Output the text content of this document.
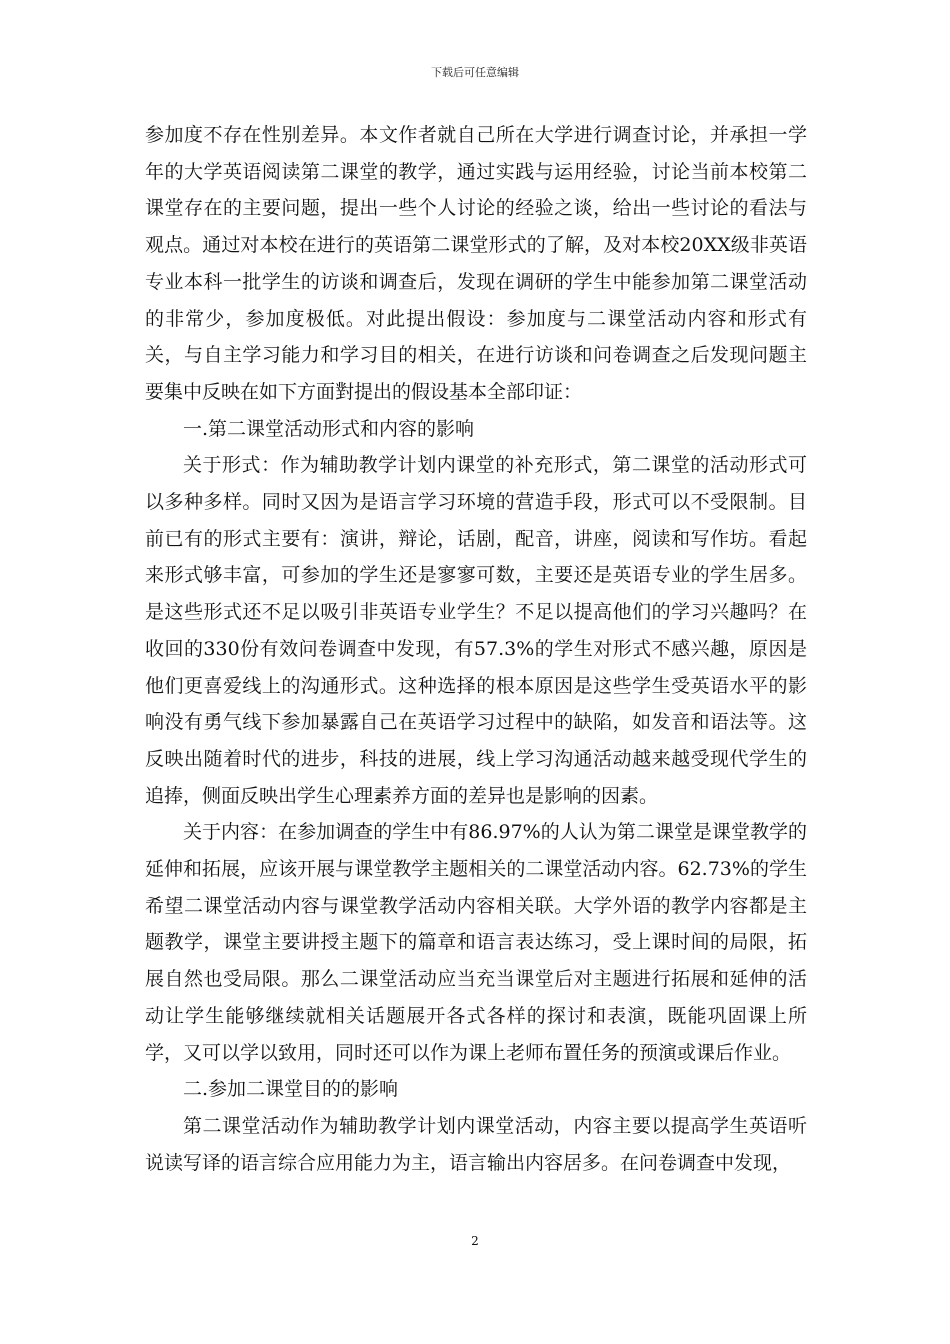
下载后可任意编辑

参加度不存在性别差异。本文作者就自己所在大学进行调查讨论，并承担一学年的大学英语阅读第二课堂的教学，通过实践与运用经验，讨论当前本校第二课堂存在的主要问题，提出一些个人讨论的经验之谈，给出一些讨论的看法与观点。通过对本校在进行的英语第二课堂形式的了解，及对本校20XX级非英语专业本科一批学生的访谈和调查后，发现在调研的学生中能参加第二课堂活动的非常少，参加度极低。对此提出假设：参加度与二课堂活动内容和形式有关，与自主学习能力和学习目的相关，在进行访谈和问卷调查之后发现问题主要集中反映在如下方面對提出的假设基本全部印证：

一.第二课堂活动形式和内容的影响

关于形式：作为辅助教学计划内课堂的补充形式，第二课堂的活动形式可以多种多样。同时又因为是语言学习环境的营造手段，形式可以不受限制。目前已有的形式主要有：演讲，辩论，话剧，配音，讲座，阅读和写作坊。看起来形式够丰富，可参加的学生还是寥寥可数，主要还是英语专业的学生居多。是这些形式还不足以吸引非英语专业学生？不足以提高他们的学习兴趣吗？在收回的330份有效问卷调查中发现，有57.3%的学生对形式不感兴趣，原因是他们更喜爱线上的沟通形式。这种选择的根本原因是这些学生受英语水平的影响没有勇气线下参加暴露自己在英语学习过程中的缺陷，如发音和语法等。这反映出随着时代的进步，科技的进展，线上学习沟通活动越来越受现代学生的追捧，侧面反映出学生心理素养方面的差异也是影响的因素。

关于内容：在参加调查的学生中有86.97%的人认为第二课堂是课堂教学的延伸和拓展，应该开展与课堂教学主题相关的二课堂活动内容。62.73%的学生希望二课堂活动内容与课堂教学活动内容相关联。大学外语的教学内容都是主题教学，课堂主要讲授主题下的篇章和语言表达练习，受上课时间的局限，拓展自然也受局限。那么二课堂活动应当充当课堂后对主题进行拓展和延伸的活动让学生能够继续就相关话题展开各式各样的探讨和表演，既能巩固课上所学，又可以学以致用，同时还可以作为课上老师布置任务的预演或课后作业。

二.参加二课堂目的的影响

第二课堂活动作为辅助教学计划内课堂活动，内容主要以提高学生英语听说读写译的语言综合应用能力为主，语言输出内容居多。在问卷调查中发现，

2
